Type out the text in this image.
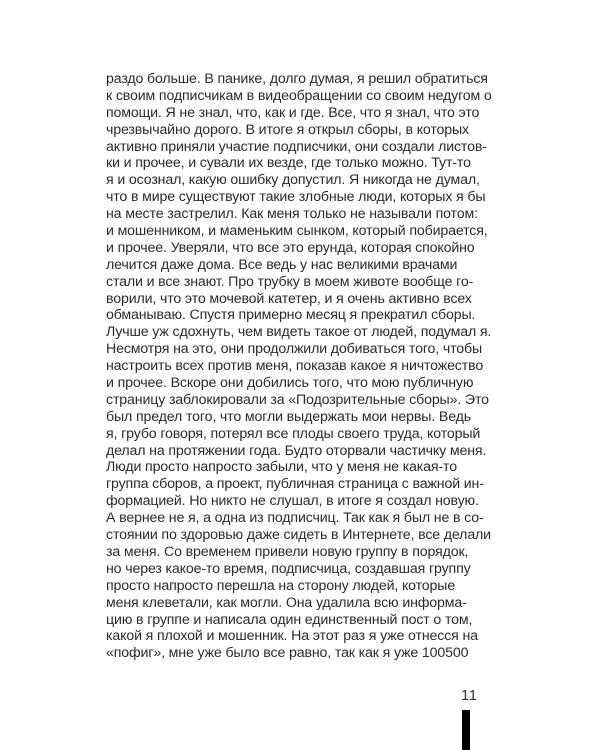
раздо больше. В панике, долго думая, я решил обратиться
к своим подписчикам в видеобращении со своим недугом о
помощи. Я не знал, что, как и где. Все, что я знал, что это
чрезвычайно дорого. В итоге я открыл сборы, в которых
активно приняли участие подписчики, они создали листов-
ки и прочее, и сували их везде, где только можно. Тут-то
я и осознал, какую ошибку допустил. Я никогда не думал,
что в мире существуют такие злобные люди, которых я бы
на месте застрелил. Как меня только не называли потом:
и мошенником, и маменьким сынком, который побирается,
и прочее. Уверяли, что все это ерунда, которая спокойно
лечится даже дома. Все ведь у нас великими врачами
стали и все знают. Про трубку в моем животе вообще го-
ворили, что это мочевой катетер, и я очень активно всех
обманываю. Спустя примерно месяц я прекратил сборы.
Лучше уж сдохнуть, чем видеть такое от людей, подумал я.
Несмотря на это, они продолжили добиваться того, чтобы
настроить всех против меня, показав какое я ничтожество
и прочее. Вскоре они добились того, что мою публичную
страницу заблокировали за «Подозрительные сборы». Это
был предел того, что могли выдержать мои нервы. Ведь
я, грубо говоря, потерял все плоды своего труда, который
делал на протяжении года. Будто оторвали частичку меня.
Люди просто напросто забыли, что у меня не какая-то
группа сборов, а проект, публичная страница с важной ин-
формацией. Но никто не слушал, в итоге я создал новую.
А вернее не я, а одна из подписчиц. Так как я был не в со-
стоянии по здоровью даже сидеть в Интернете, все делали
за меня. Со временем привели новую группу в порядок,
но через какое-то время, подписчица, создавшая группу
просто напросто перешла на сторону людей, которые
меня клеветали, как могли. Она удалила всю информа-
цию в группе и написала один единственный пост о том,
какой я плохой и мошенник. На этот раз я уже отнесся на
«пофиг», мне уже было все равно, так как я уже 100500
11
